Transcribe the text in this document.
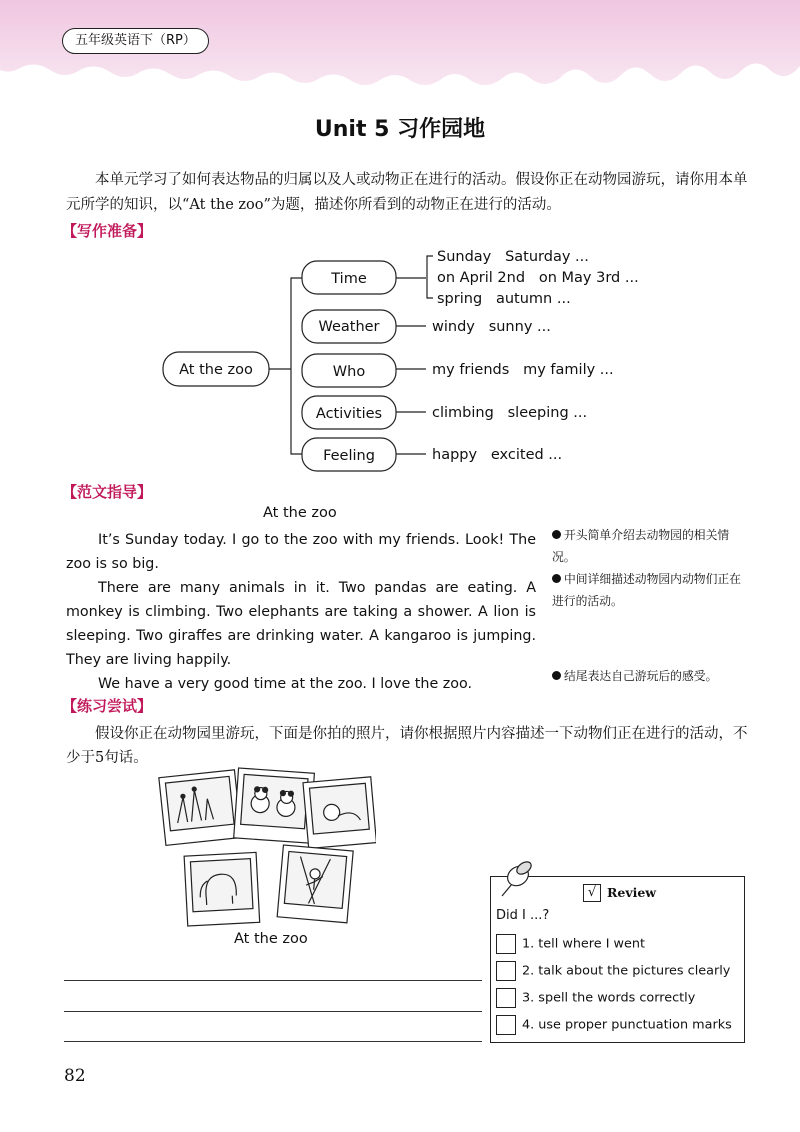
五年级英语下（RP）
Unit 5 习作园地

本单元学习了如何表达物品的归属以及人或动物正在进行的活动。假设你正在动物园游玩，请你用本单元所学的知识，以“At the zoo”为题，描述你所看到的动物正在进行的活动。

【写作准备】
At the zoo
Time
Weather
Who
Activities
Feeling
Sunday   Saturday ...
on April 2nd   on May 3rd ...
spring   autumn ...
windy   sunny ...
my friends   my family ...
climbing   sleeping ...
happy   excited ...
【范文指导】
At the zoo

It’s Sunday today. I go to the zoo with my friends. Look! The zoo is so big.

There are many animals in it. Two pandas are eating. A monkey is climbing. Two elephants are taking a shower. A lion is sleeping. Two giraffes are drinking water. A kangaroo is jumping. They are living happily.

We have a very good time at the zoo. I love the zoo.

开头简单介绍去动物园的相关情况。
中间详细描述动物园内动物们正在进行的活动。
结尾表达自己游玩后的感受。
【练习尝试】

假设你正在动物园里游玩，下面是你拍的照片，请你根据照片内容描述一下动物们正在进行的活动，不少于5句话。

At the zoo
√ Review
Did I ...?
1. tell where I went
2. talk about the pictures clearly
3. spell the words correctly
4. use proper punctuation marks
82
